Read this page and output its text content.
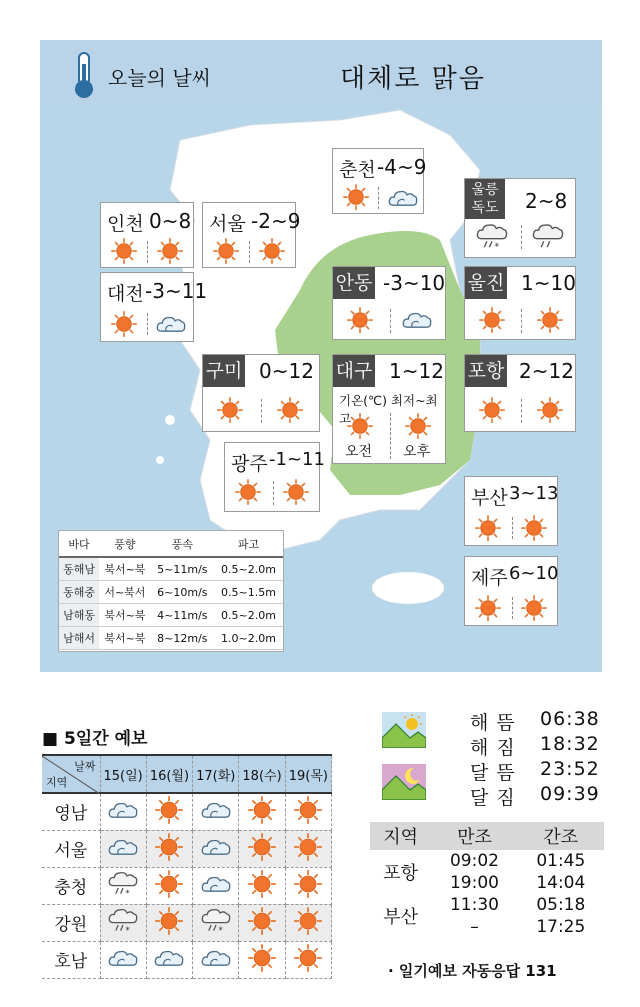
오늘의 날씨	대체로 맑음
춘천 -4~9
인천 0~8 서울 -2~9
울릉
독도	2~8
대전 -3~11	안동 -3~10 울진 1~10
구미 0~12 대구 1~12
기온(℃) 최저~최고
오전 오후
포항 2~12
광주 -1~11
부산 3~13
제주 6~10
바다	풍향	풍속	파고
동해남	북서~북	5~11m/s	0.5~2.0m
동해중	서~북서	6~10m/s	0.5~1.5m
남해동	북서~북	4~11m/s	0.5~2.0m
남해서	북서~북	8~12m/s	1.0~2.0m
■ 5일간 예보
날짜
지역	15(일)	16(월)	17(화)	18(수)	19(목)
영남					
서울					
충청					
강원					
호남					
해 뜸 06:38
해 짐 18:32
달 뜸 23:52
달 짐 09:39
지역	만조	간조
포항	09:02	01:45
	19:00	14:04
부산	11:30	05:18
	–	17:25
· 일기예보 자동응답 131
